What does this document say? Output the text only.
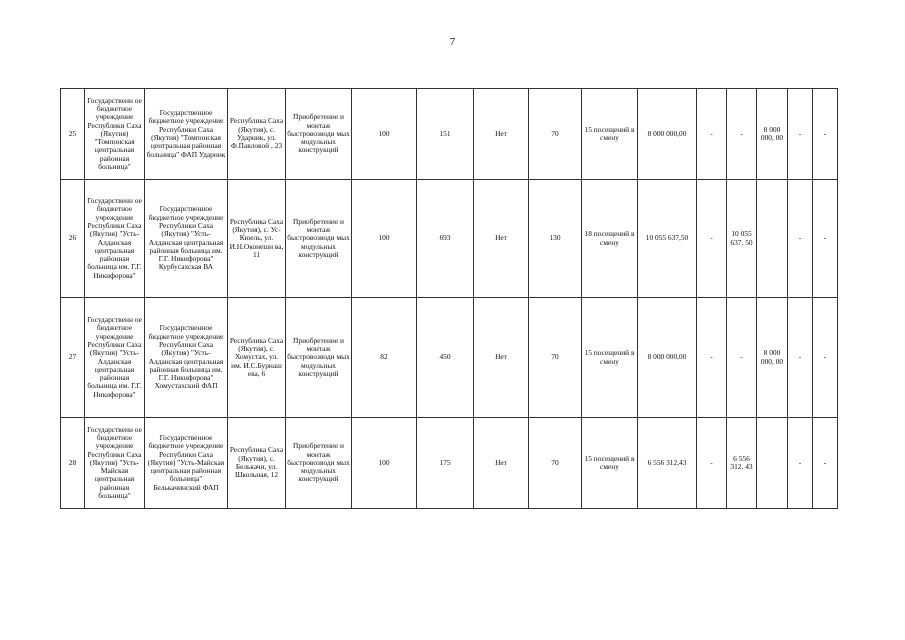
7
25	Государственн ое бюджетное учреждение Республики Саха (Якутия) "Томпонская центральная районная больница"	Государственное бюджетное учреждение Республики Саха (Якутия) "Томпонская центральная районная больница" ФАП Ударник	Республика Саха (Якутия), с. Ударник, ул. Ф.Павловой , 23	Приобретение и монтаж быстровозводи мых модульных конструкций	100	151	Нет	70	15 посещений в смену	8 000 000,00	-	-	8 000 000, 00	-	-
26	Государственн ое бюджетное учреждение Республики Саха (Якутия) "Усть-Алданская центральная районная больница им. Г.Г. Никифорова"	Государственное бюджетное учреждение Республики Саха (Якутия) "Усть-Алданская центральная районная больница им. Г.Г. Никифорова" Курбусахская ВА	Республика Саха (Якутия), с. Ус-Кюель, ул. И.Н.Оконешн ва, 11	Приобретение и монтаж быстровозводи мых модульных конструкций	100	693	Нет	130	18 посещений в смену	10 055 637,50	-	10 055 637, 50		-	-
27	Государственн ое бюджетное учреждение Республики Саха (Якутия) "Усть-Алданская центральная районная больница им. Г.Г. Никифорова"	Государственное бюджетное учреждение Республики Саха (Якутия) "Усть-Алданская центральная районная больница им. Г.Г. Никифорова" Хомустахский ФАП	Республика Саха (Якутия), с. Хомустах, ул. им. И.С.Бурнаш ева, 6	Приобретение и монтаж быстровозводи мых модульных конструкций	82	450	Нет	70	15 посещений в смену	8 000 000,00	-	-	8 000 000, 00	-	-
28	Государственн ое бюджетное учреждение Республики Саха (Якутия) "Усть-Майская центральная районная больница"	Государственное бюджетное учреждение Республики Саха (Якутия) "Усть-Майская центральная районная больница" Белькачинский ФАП	Республика Саха (Якутия), с. Белькачи, ул. Школьная, 12	Приобретение и монтаж быстровозводи мых модульных конструкций	100	175	Нет	70	15 посещений в смену	6 556 312,43	-	6 556 312, 43		-	-
